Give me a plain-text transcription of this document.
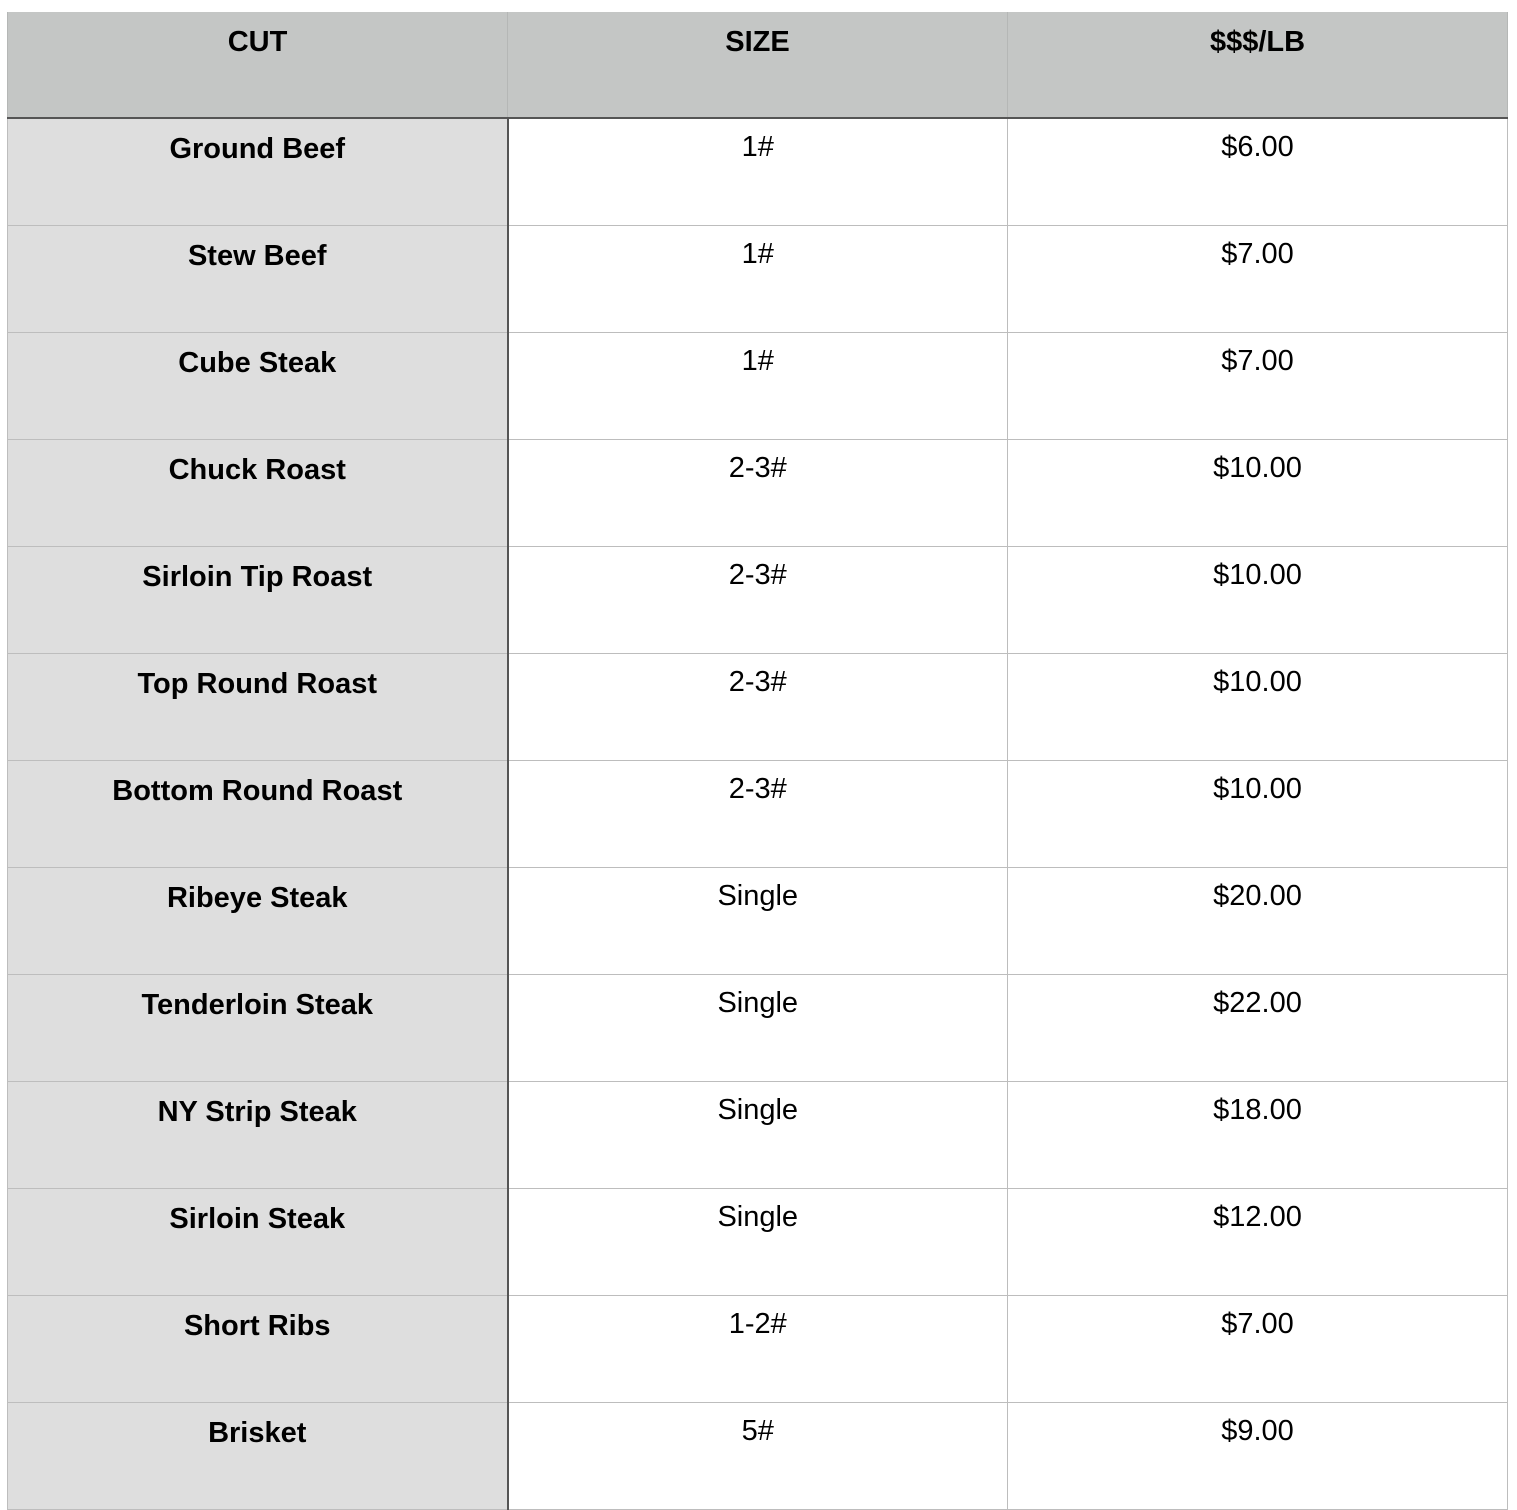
CUT	SIZE	$$$/LB
Ground Beef	1#	$6.00
Stew Beef	1#	$7.00
Cube Steak	1#	$7.00
Chuck Roast	2-3#	$10.00
Sirloin Tip Roast	2-3#	$10.00
Top Round Roast	2-3#	$10.00
Bottom Round Roast	2-3#	$10.00
Ribeye Steak	Single	$20.00
Tenderloin Steak	Single	$22.00
NY Strip Steak	Single	$18.00
Sirloin Steak	Single	$12.00
Short Ribs	1-2#	$7.00
Brisket	5#	$9.00
